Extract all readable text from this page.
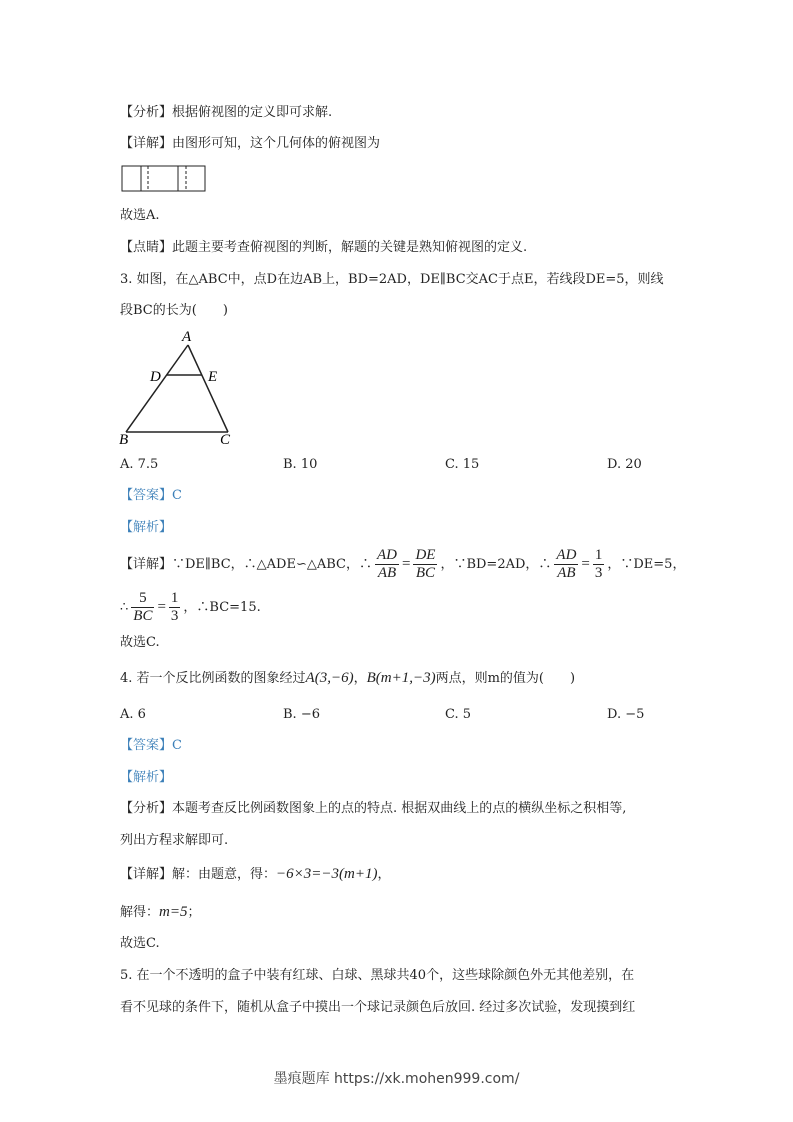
【分析】根据俯视图的定义即可求解.
【详解】由图形可知，这个几何体的俯视图为
故选A.
【点睛】此题主要考查俯视图的判断，解题的关键是熟知俯视图的定义.
3. 如图，在△ABC中，点D在边AB上，BD=2AD，DE∥BC交AC于点E，若线段DE=5，则线
段BC的长为(　　)
A
D	E
B	C
A. 7.5	B. 10	C. 15	D. 20
【答案】C
【解析】
【详解】∵DE∥BC，∴△ADE∽△ABC，∴ $\frac{AD}{AB} = \frac{DE}{BC}$ ，∵BD=2AD，∴ $\frac{AD}{AB} = \frac{1}{3}$ ，∵DE=5，
∴ $\frac{5}{BC} = \frac{1}{3}$ ，∴BC=15.
故选C.
4. 若一个反比例函数的图象经过A(3,−6)，B(m+1,−3)两点，则m的值为(　　)
A. 6	B. −6	C. 5	D. −5
【答案】C
【解析】
【分析】本题考查反比例函数图象上的点的特点. 根据双曲线上的点的横纵坐标之积相等,
列出方程求解即可.
【详解】解：由题意，得：−6×3=−3(m+1)，
解得：m=5；
故选C.
5. 在一个不透明的盒子中装有红球、白球、黑球共40个，这些球除颜色外无其他差别，在
看不见球的条件下，随机从盒子中摸出一个球记录颜色后放回. 经过多次试验，发现摸到红
墨痕题库 https://xk.mohen999.com/
